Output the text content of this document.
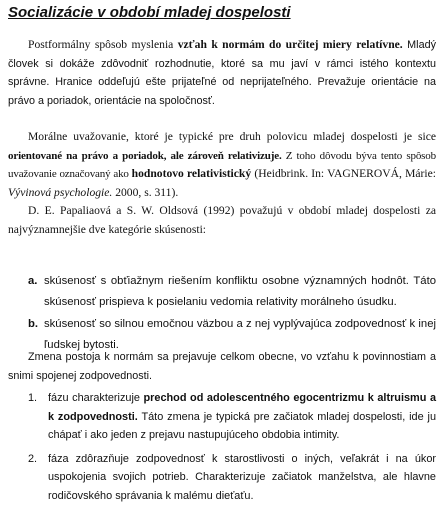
Socializácie v období mladej dospelosti

Postformálny spôsob myslenia vzťah k normám do určitej miery relatívne. Mladý človek si dokáže zdôvodniť rozhodnutie, ktoré sa mu javí v rámci istého kontextu správne. Hranice oddeľujú ešte prijateľné od neprijateľného. Prevažuje orientácie na právo a poriadok, orientácie na spoločnosť.

Morálne uvažovanie, ktoré je typické pre druh polovicu mladej dospelosti je sice orientované na právo a poriadok, ale zároveň relativizuje. Z toho dôvodu býva tento spôsob uvažovanie označovaný ako hodnotovo relativistický (Heidbrink. In: VAGNEROVÁ, Márie: Vývinová psychologie. 2000, s. 311).

D. E. Papaliaová a S. W. Oldsová (1992) považujú v období mladej dospelosti za najvýznamnejšie dve kategórie skúsenosti:

a. skúsenosť s obťiažnym riešením konfliktu osobne významných hodnôt. Táto skúsenosť prispieva k posielaniu vedomia relativity morálneho úsudku.
b. skúsenosť so silnou emočnou väzbou a z nej vyplývajúca zodpovednosť k inej ľudskej bytosti.

Zmena postoja k normám sa prejavuje celkom obecne, vo vzťahu k povinnostiam a snimi spojenej zodpovednosti.

1. fázu charakterizuje prechod od adolescentného egocentrizmu k altruismu a k zodpovednosti. Táto zmena je typická pre začiatok mladej dospelosti, ide ju chápať i ako jeden z prejavu nastupujúceho obdobia intimity.
2. fáza zdôrazňuje zodpovednosť k starostlivosti o iných, veľakrát i na úkor uspokojenia svojich potrieb. Charakterizuje začiatok manželstva, ale hlavne rodičovského správania k malému dieťaťu.
